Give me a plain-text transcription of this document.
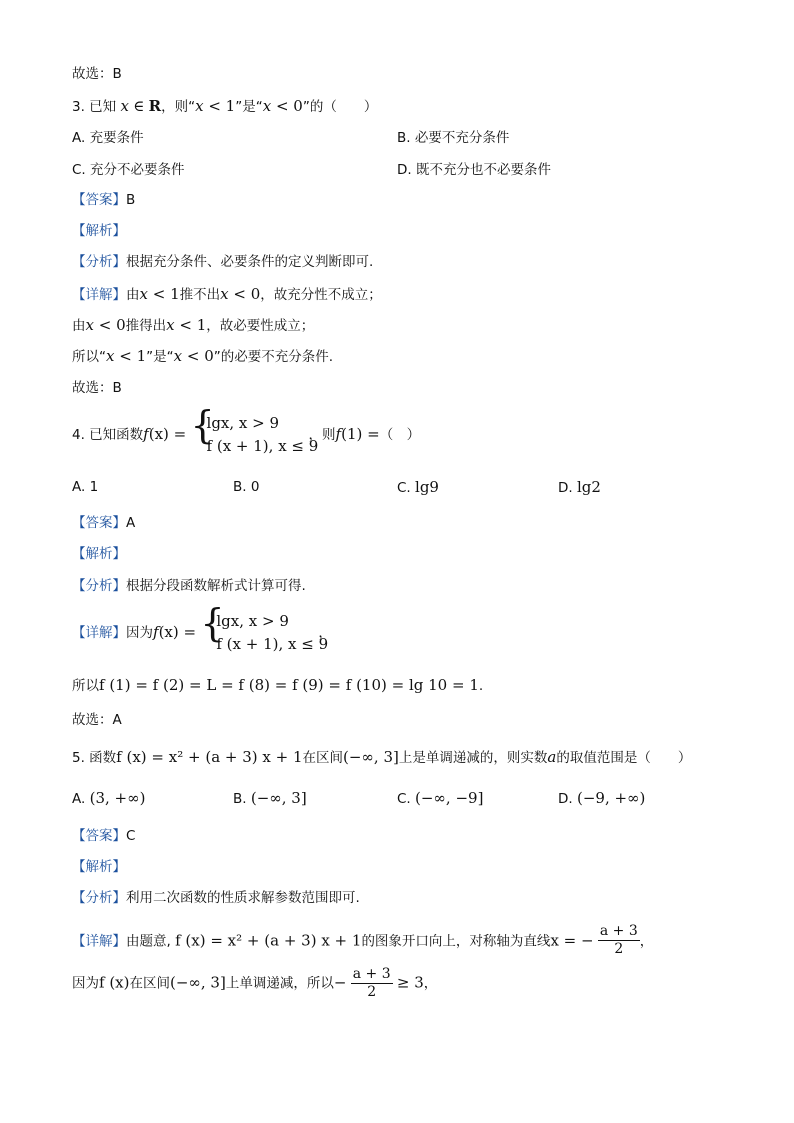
故选：B
3. 已知 x ∈ R，则“x < 1”是“x < 0”的（　　）
A. 充要条件	B. 必要不充分条件
C. 充分不必要条件	D. 既不充分也不必要条件
【答案】B
【解析】
【分析】根据充分条件、必要条件的定义判断即可.
【详解】由x < 1推不出x < 0，故充分性不成立；
由x < 0推得出x < 1，故必要性成立；
所以“x < 1”是“x < 0”的必要不充分条件.
故选：B
4. 已知函数f(x) = {
lgx, x > 9
f (x + 1), x ≤ 9
，则f(1) =（　）
A. 1	B. 0	C. lg9	D. lg2
【答案】A
【解析】
【分析】根据分段函数解析式计算可得.
【详解】因为f(x) = {
lgx, x > 9
f (x + 1), x ≤ 9
，
所以f (1) = f (2) = L = f (8) = f (9) = f (10) = lg 10 = 1.
故选：A
5. 函数f (x) = x² + (a + 3) x + 1在区间(−∞, 3]上是单调递减的，则实数a的取值范围是（　　）
A. (3, +∞)	B. (−∞, 3]	C. (−∞, −9]	D. (−9, +∞)
【答案】C
【解析】
【分析】利用二次函数的性质求解参数范围即可.
【详解】由题意, f (x) = x² + (a + 3) x + 1的图象开口向上，对称轴为直线x = − $\frac{a + 3}{2}$ ，
因为f (x)在区间(−∞, 3]上单调递减，所以− $\frac{a + 3}{2} \ge 3$，
